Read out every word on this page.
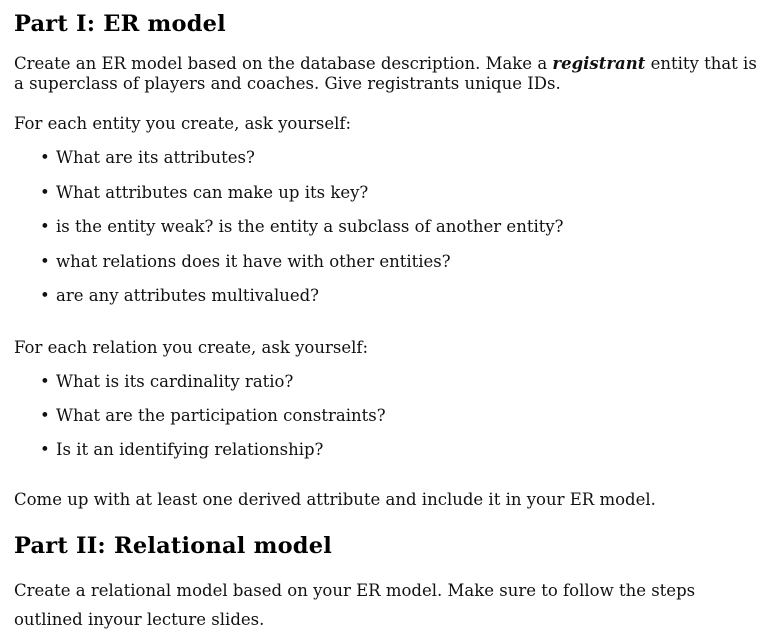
Part I: ER model

Create an ER model based on the database description. Make a registrant entity that is a superclass of players and coaches. Give registrants unique IDs.

For each entity you create, ask yourself:

• What are its attributes?
• What attributes can make up its key?
• is the entity weak? is the entity a subclass of another entity?
• what relations does it have with other entities?
• are any attributes multivalued?

For each relation you create, ask yourself:

• What is its cardinality ratio?
• What are the participation constraints?
• Is it an identifying relationship?

Come up with at least one derived attribute and include it in your ER model.

Part II: Relational model

Create a relational model based on your ER model. Make sure to follow the steps outlined inyour lecture slides.
